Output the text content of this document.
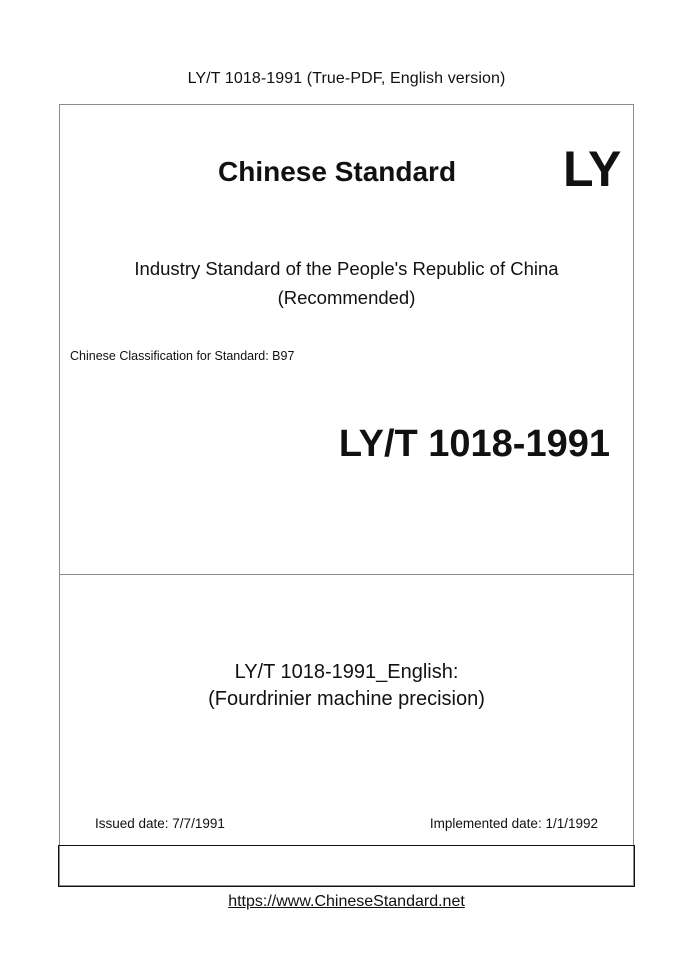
LY/T 1018-1991 (True-PDF, English version)
Chinese Standard LY
Industry Standard of the People's Republic of China
(Recommended)
Chinese Classification for Standard: B97
LY/T 1018-1991
LY/T 1018-1991_English:
(Fourdrinier machine precision)
Issued date: 7/7/1991	Implemented date: 1/1/1992
https://www.ChineseStandard.net
